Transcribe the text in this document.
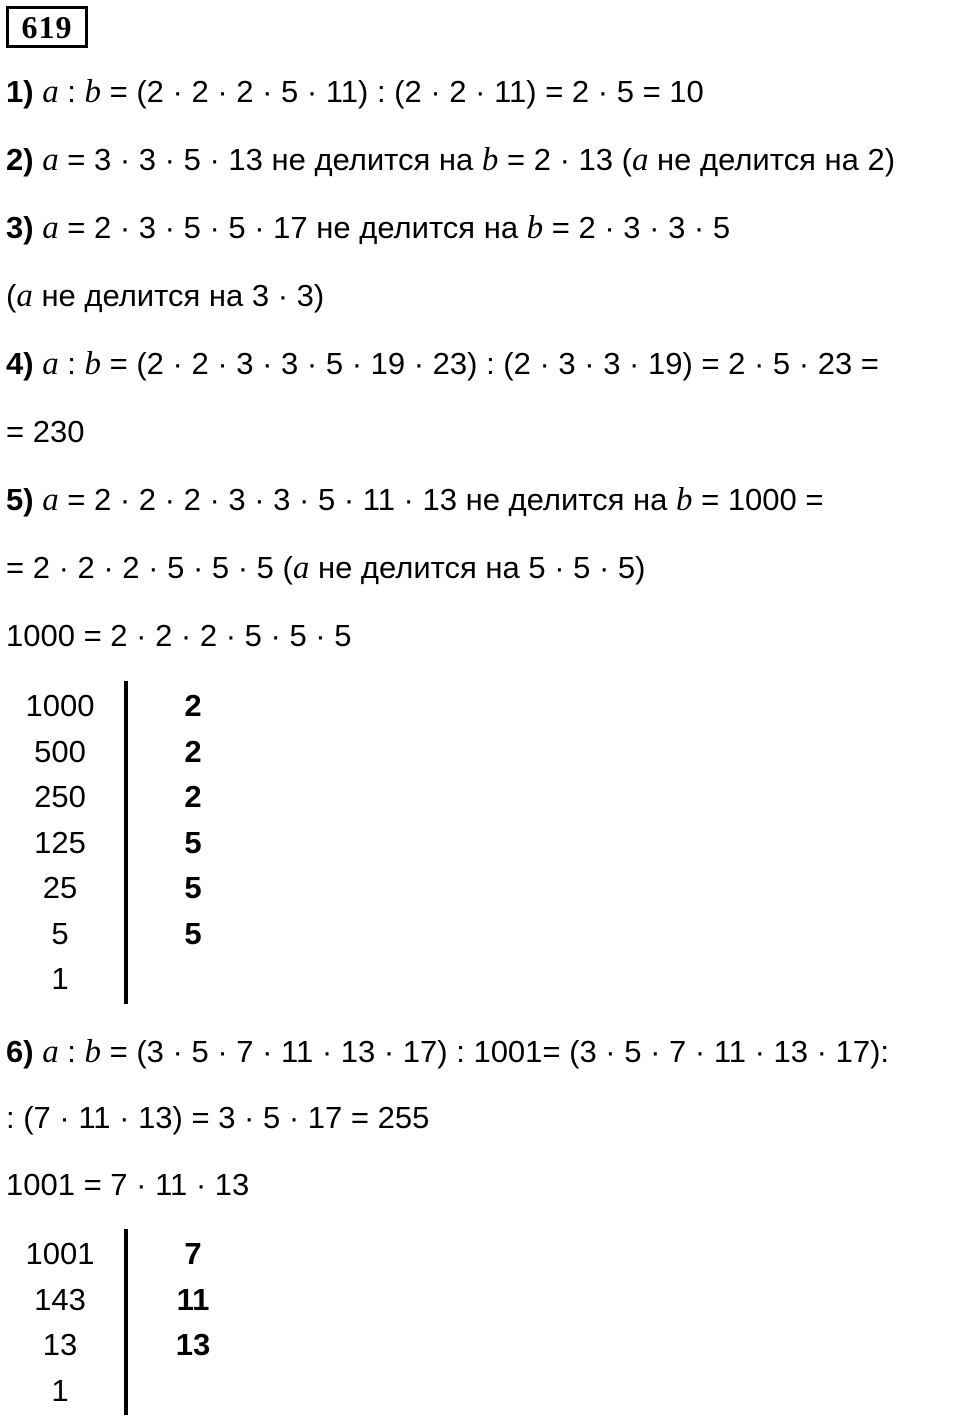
619
1) a : b = (2 · 2 · 2 · 5 · 11) : (2 · 2 · 11) = 2 · 5 = 10
2) a = 3 · 3 · 5 · 13 не делится на b = 2 · 13 (a не делится на 2)
3) a = 2 · 3 · 5 · 5 · 17 не делится на b = 2 · 3 · 3 · 5
(a не делится на 3 · 3)
4) a : b = (2 · 2 · 3 · 3 · 5 · 19 · 23) : (2 · 3 · 3 · 19) = 2 · 5 · 23 =
= 230
5) a = 2 · 2 · 2 · 3 · 3 · 5 · 11 · 13 не делится на b = 1000 =
= 2 · 2 · 2 · 5 · 5 · 5 (a не делится на 5 · 5 · 5)
1000 = 2 · 2 · 2 · 5 · 5 · 5
6) a : b = (3 · 5 · 7 · 11 · 13 · 17) : 1001= (3 · 5 · 7 · 11 · 13 · 17):
: (7 · 11 · 13) = 3 · 5 · 17 = 255
1001 = 7 · 11 · 13
1000	2
500	2
250	2
125	5
25	5
5	5
1
1001	7
143	11
13	13
1
